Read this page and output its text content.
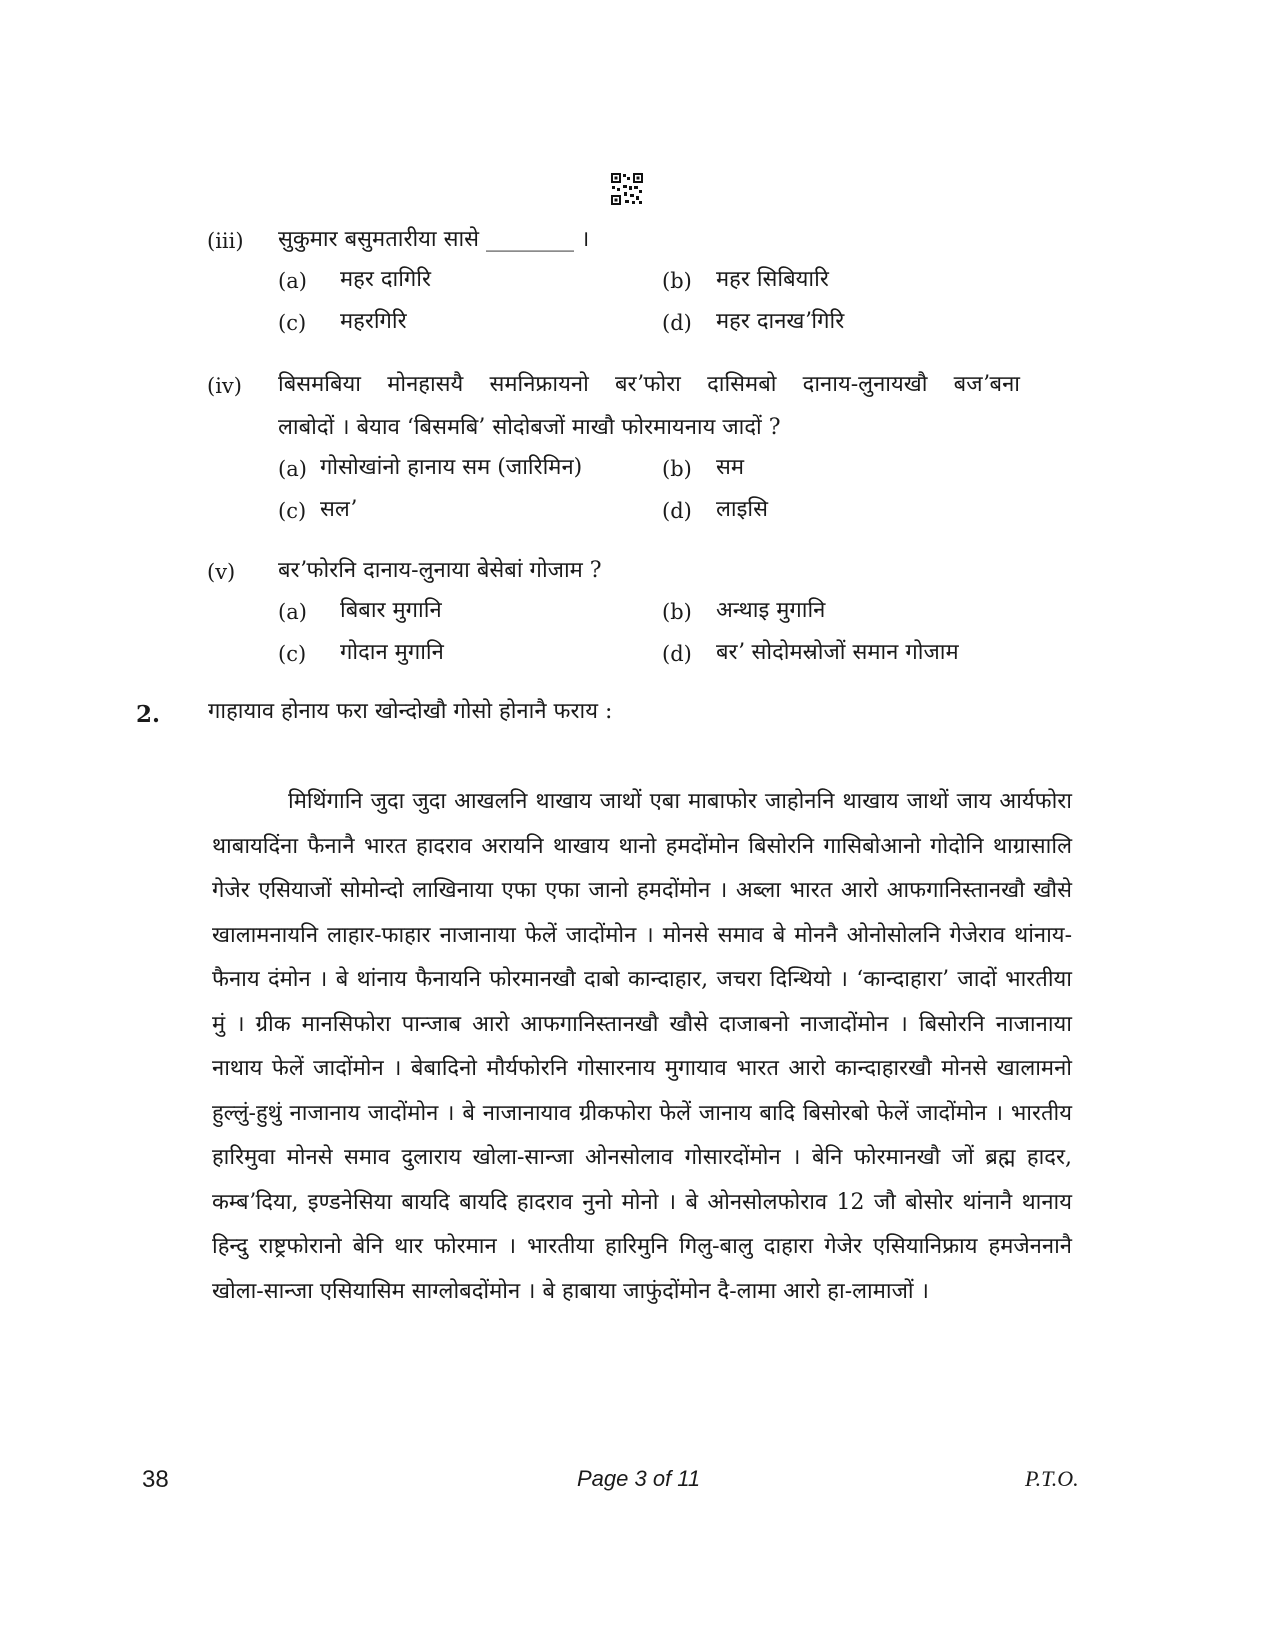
(iii) सुकुमार बसुमतारीया सासे ________ ।
(a) महर दागिरि	(b) महर सिबियारि
(c) महरगिरि	(d) महर दानखʼगिरि
(iv) बिसमबिया मोनहासयै समनिफ्रायनो बरʼफोरा दासिमबो दानाय-लुनायखौ बजʼबना
लाबोदों । बेयाव ‘बिसमबि’ सोदोबजों माखौ फोरमायनाय जादों ?
(a) गोसोखांनो हानाय सम (जारिमिन)	(b) सम
(c) सलʼ	(d) लाइसि
(v) बरʼफोरनि दानाय-लुनाया बेसेबां गोजाम ?
(a) बिबार मुगानि	(b) अन्थाइ मुगानि
(c) गोदान मुगानि	(d) बरʼ सोदोमस्रोजों समान गोजाम
2. गाहायाव होनाय फरा खोन्दोखौ गोसो होनानै फराय :
मिथिंगानि जुदा जुदा आखलनि थाखाय जाथों एबा माबाफोर जाहोननि थाखाय जाथों जाय आर्यफोरा थाबायदिंना फैनानै भारत हादराव अरायनि थाखाय थानो हमदोंमोन बिसोरनि गासिबोआनो गोदोनि थाग्रासालि गेजेर एसियाजों सोमोन्दो लाखिनाया एफा एफा जानो हमदोंमोन । अब्ला भारत आरो आफगानिस्तानखौ खौसे खालामनायनि लाहार-फाहार नाजानाया फेलें जादोंमोन । मोनसे समाव बे मोननै ओनोसोलनि गेजेराव थांनाय-फैनाय दंमोन । बे थांनाय फैनायनि फोरमानखौ दाबो कान्दाहार, जचरा दिन्थियो । ‘कान्दाहारा’ जादों भारतीया मुं । ग्रीक मानसिफोरा पान्जाब आरो आफगानिस्तानखौ खौसे दाजाबनो नाजादोंमोन । बिसोरनि नाजानाया नाथाय फेलें जादोंमोन । बेबादिनो मौर्यफोरनि गोसारनाय मुगायाव भारत आरो कान्दाहारखौ मोनसे खालामनो हुल्लुं-हुथुं नाजानाय जादोंमोन । बे नाजानायाव ग्रीकफोरा फेलें जानाय बादि बिसोरबो फेलें जादोंमोन । भारतीय हारिमुवा मोनसे समाव दुलाराय खोला-सान्जा ओनसोलाव गोसारदोंमोन । बेनि फोरमानखौ जों ब्रह्म हादर, कम्बʼदिया, इण्डनेसिया बायदि बायदि हादराव नुनो मोनो । बे ओनसोलफोराव 12 जौ बोसोर थांनानै थानाय हिन्दु राष्ट्रफोरानो बेनि थार फोरमान । भारतीया हारिमुनि गिलु-बालु दाहारा गेजेर एसियानिफ्राय हमजेननानै खोला-सान्जा एसियासिम साग्लोबदोंमोन । बे हाबाया जाफुंदोंमोन दै-लामा आरो हा-लामाजों ।
38	Page 3 of 11	P.T.O.
